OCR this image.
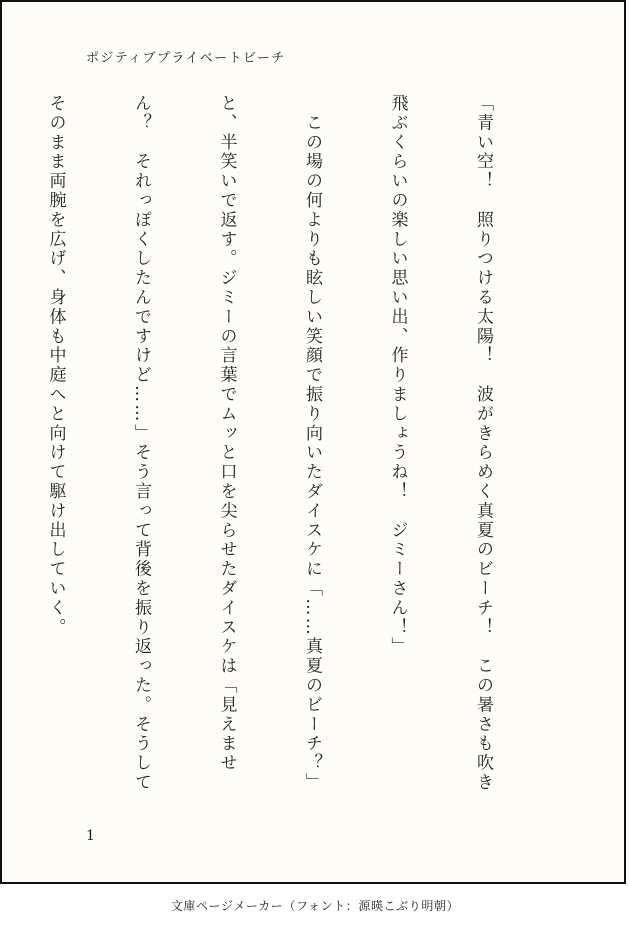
ポジティブプライベートビーチ

「青い空！　照りつける太陽！　波がきらめく真夏のビーチ！　この暑さも吹き

飛ぶくらいの楽しい思い出、作りましょうね！　ジミーさん！」

　この場の何よりも眩しい笑顔で振り向いたダイスケに「……真夏のビーチ？」

と、半笑いで返す。ジミーの言葉でムッと口を尖らせたダイスケは「見えませ

ん？　それっぽくしたんですけど……」そう言って背後を振り返った。そうして

そのまま両腕を広げ、身体も中庭へと向けて駆け出していく。

1
文庫ページメーカー（フォント：源暎こぶり明朝）
